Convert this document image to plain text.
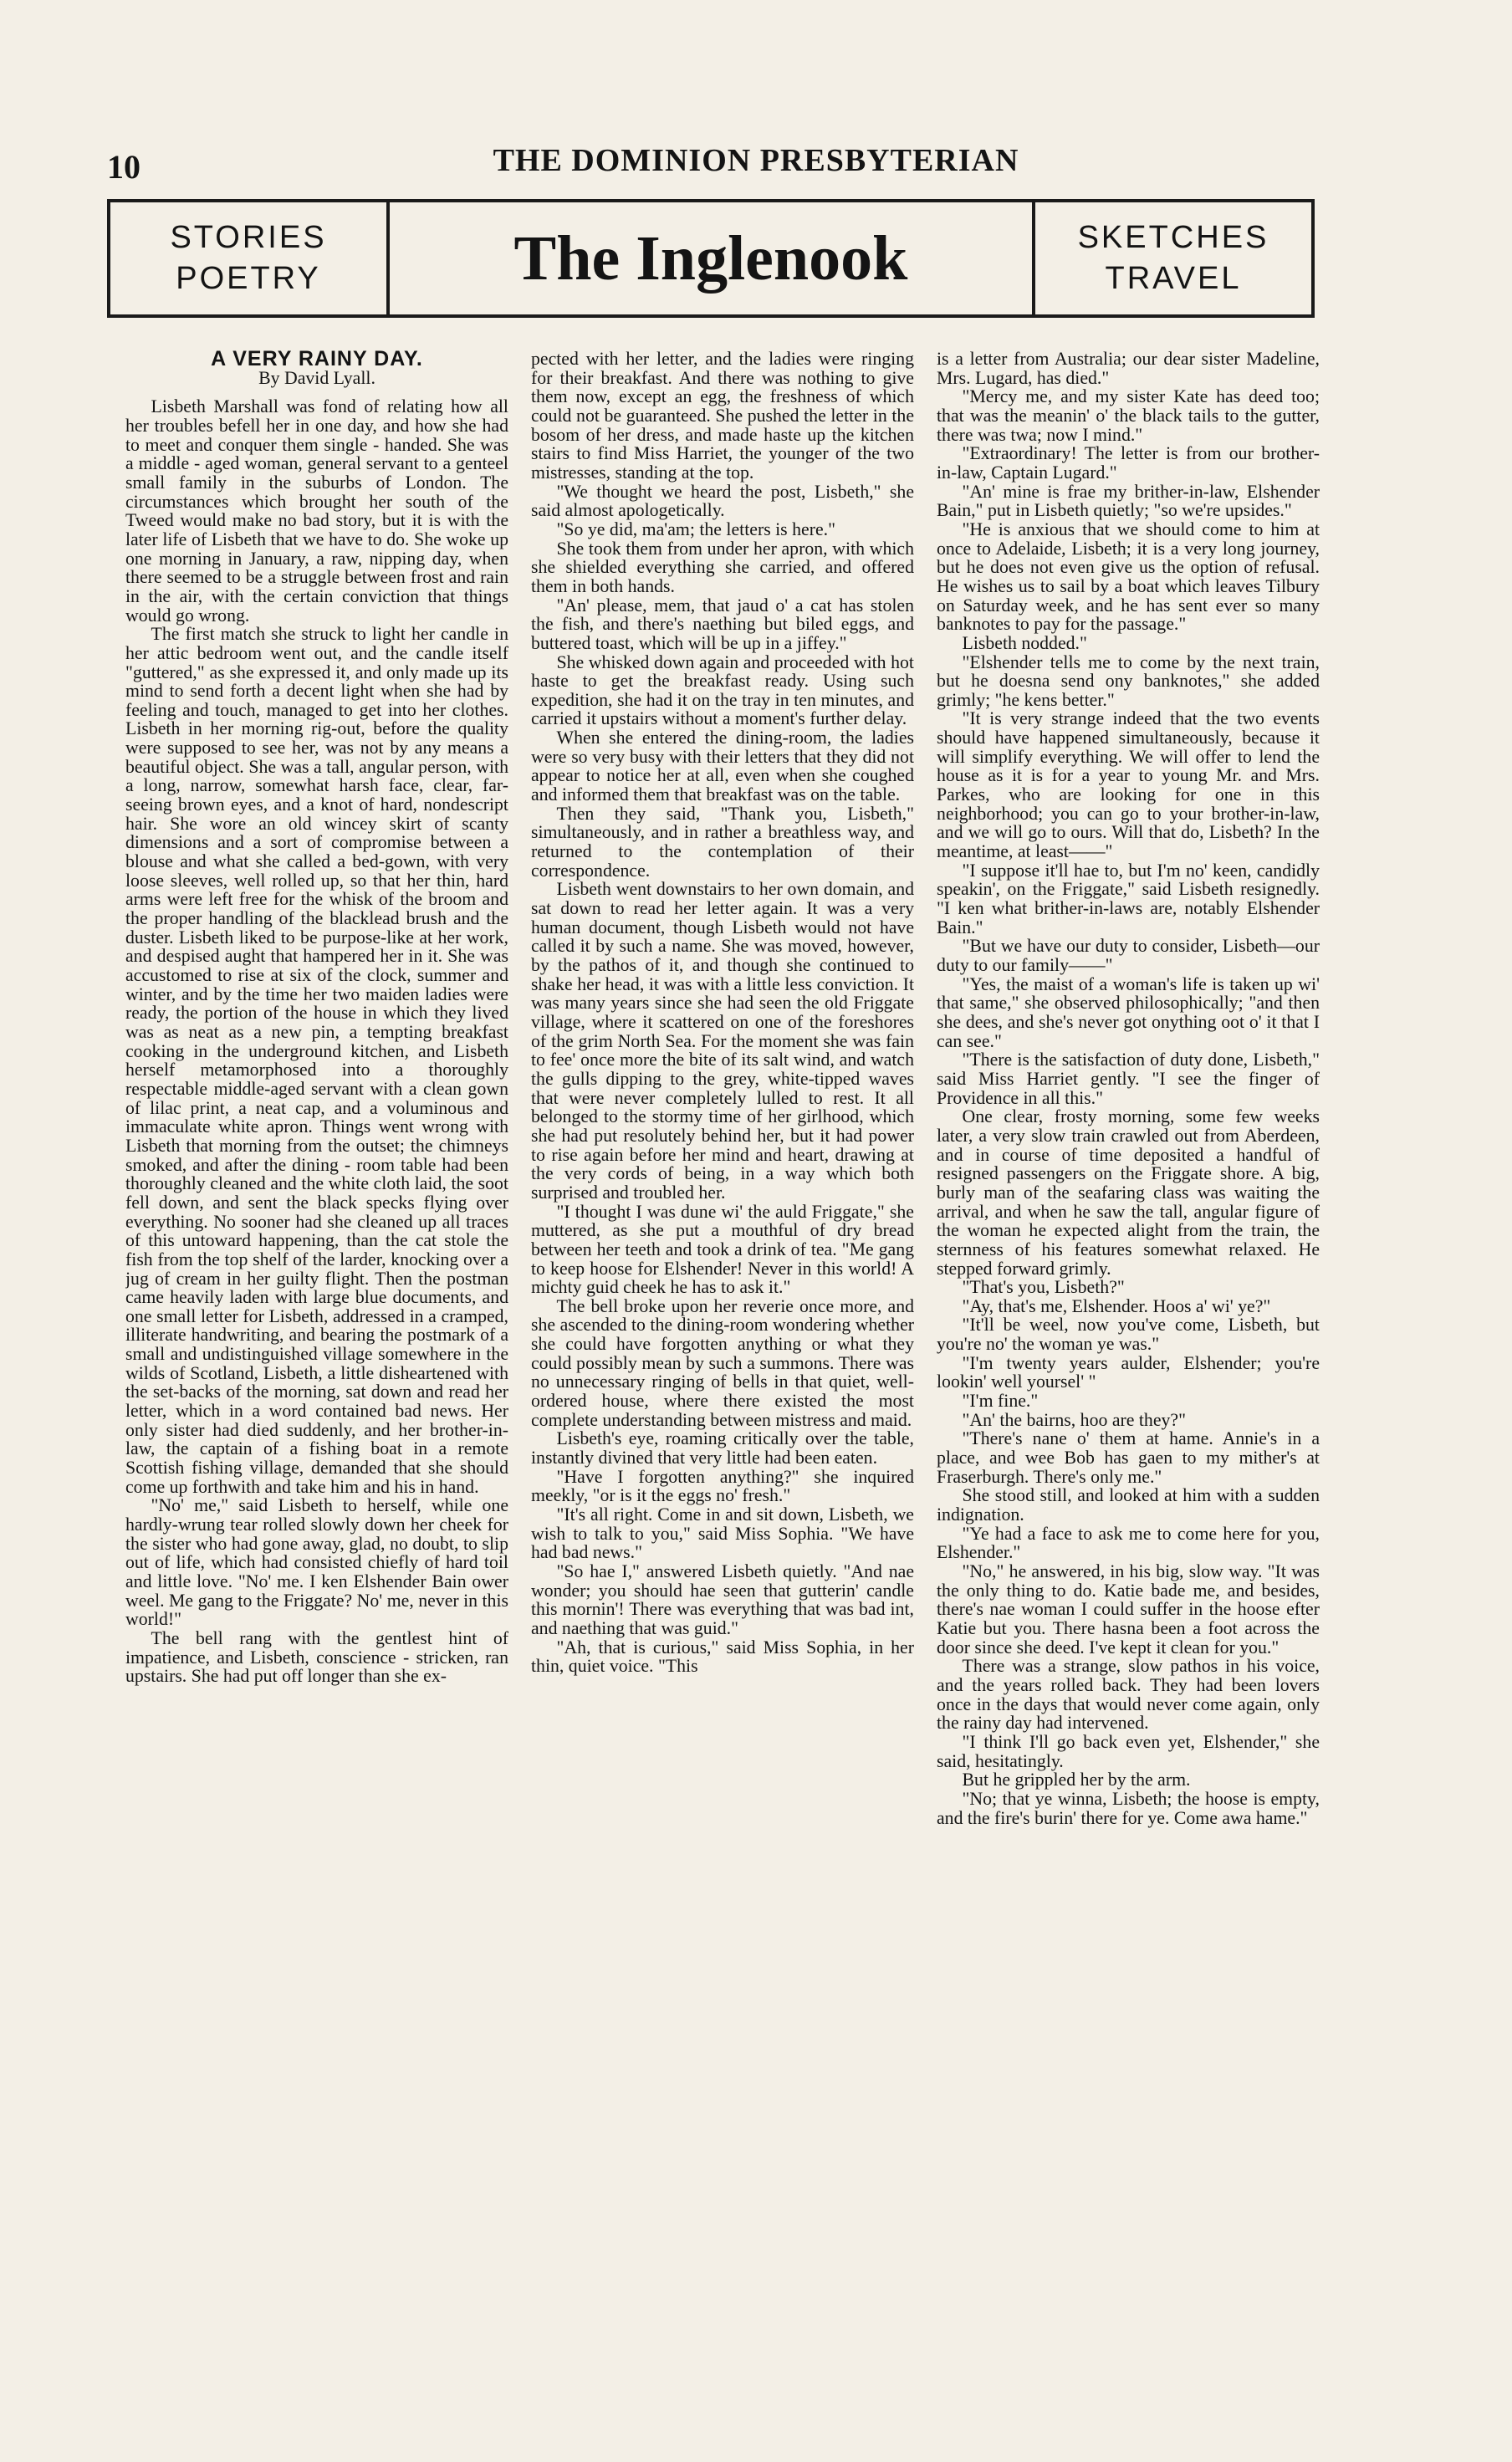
10	THE DOMINION PRESBYTERIAN
STORIES
POETRY	The Inglenook	SKETCHES
TRAVEL

A VERY RAINY DAY.

By David Lyall.

Lisbeth Marshall was fond of relating how all her troubles befell her in one day, and how she had to meet and conquer them single - handed. She was a middle - aged woman, general servant to a genteel small family in the suburbs of London. The circumstances which brought her south of the Tweed would make no bad story, but it is with the later life of Lisbeth that we have to do. She woke up one morning in January, a raw, nipping day, when there seemed to be a struggle between frost and rain in the air, with the certain conviction that things would go wrong.

The first match she struck to light her candle in her attic bedroom went out, and the candle itself "guttered," as she expressed it, and only made up its mind to send forth a decent light when she had by feeling and touch, managed to get into her clothes. Lisbeth in her morning rig-out, before the quality were supposed to see her, was not by any means a beautiful object. She was a tall, angular person, with a long, narrow, somewhat harsh face, clear, far-seeing brown eyes, and a knot of hard, nondescript hair. She wore an old wincey skirt of scanty dimensions and a sort of compromise between a blouse and what she called a bed-gown, with very loose sleeves, well rolled up, so that her thin, hard arms were left free for the whisk of the broom and the proper handling of the blacklead brush and the duster. Lisbeth liked to be purpose-like at her work, and despised aught that hampered her in it. She was accustomed to rise at six of the clock, summer and winter, and by the time her two maiden ladies were ready, the portion of the house in which they lived was as neat as a new pin, a tempting breakfast cooking in the underground kitchen, and Lisbeth herself metamorphosed into a thoroughly respectable middle-aged servant with a clean gown of lilac print, a neat cap, and a voluminous and immaculate white apron. Things went wrong with Lisbeth that morning from the outset; the chimneys smoked, and after the dining - room table had been thoroughly cleaned and the white cloth laid, the soot fell down, and sent the black specks flying over everything. No sooner had she cleaned up all traces of this untoward happening, than the cat stole the fish from the top shelf of the larder, knocking over a jug of cream in her guilty flight. Then the postman came heavily laden with large blue documents, and one small letter for Lisbeth, addressed in a cramped, illiterate handwriting, and bearing the postmark of a small and undistinguished village somewhere in the wilds of Scotland, Lisbeth, a little disheartened with the set-backs of the morning, sat down and read her letter, which in a word contained bad news. Her only sister had died suddenly, and her brother-in-law, the captain of a fishing boat in a remote Scottish fishing village, demanded that she should come up forthwith and take him and his in hand.

"No' me," said Lisbeth to herself, while one hardly-wrung tear rolled slowly down her cheek for the sister who had gone away, glad, no doubt, to slip out of life, which had consisted chiefly of hard toil and little love. "No' me. I ken Elshender Bain ower weel. Me gang to the Friggate? No' me, never in this world!"

The bell rang with the gentlest hint of impatience, and Lisbeth, conscience - stricken, ran upstairs. She had put off longer than she ex-

pected with her letter, and the ladies were ringing for their breakfast. And there was nothing to give them now, except an egg, the freshness of which could not be guaranteed. She pushed the letter in the bosom of her dress, and made haste up the kitchen stairs to find Miss Harriet, the younger of the two mistresses, standing at the top.

"We thought we heard the post, Lisbeth," she said almost apologetically.

"So ye did, ma'am; the letters is here."

She took them from under her apron, with which she shielded everything she carried, and offered them in both hands.

"An' please, mem, that jaud o' a cat has stolen the fish, and there's naething but biled eggs, and buttered toast, which will be up in a jiffey."

She whisked down again and proceeded with hot haste to get the breakfast ready. Using such expedition, she had it on the tray in ten minutes, and carried it upstairs without a moment's further delay.

When she entered the dining-room, the ladies were so very busy with their letters that they did not appear to notice her at all, even when she coughed and informed them that breakfast was on the table.

Then they said, "Thank you, Lisbeth," simultaneously, and in rather a breathless way, and returned to the contemplation of their correspondence.

Lisbeth went downstairs to her own domain, and sat down to read her letter again. It was a very human document, though Lisbeth would not have called it by such a name. She was moved, however, by the pathos of it, and though she continued to shake her head, it was with a little less conviction. It was many years since she had seen the old Friggate village, where it scattered on one of the foreshores of the grim North Sea. For the moment she was fain to fee' once more the bite of its salt wind, and watch the gulls dipping to the grey, white-tipped waves that were never completely lulled to rest. It all belonged to the stormy time of her girlhood, which she had put resolutely behind her, but it had power to rise again before her mind and heart, drawing at the very cords of being, in a way which both surprised and troubled her.

"I thought I was dune wi' the auld Friggate," she muttered, as she put a mouthful of dry bread between her teeth and took a drink of tea. "Me gang to keep hoose for Elshender! Never in this world! A michty guid cheek he has to ask it."

The bell broke upon her reverie once more, and she ascended to the dining-room wondering whether she could have forgotten anything or what they could possibly mean by such a summons. There was no unnecessary ringing of bells in that quiet, well-ordered house, where there existed the most complete understanding between mistress and maid.

Lisbeth's eye, roaming critically over the table, instantly divined that very little had been eaten.

"Have I forgotten anything?" she inquired meekly, "or is it the eggs no' fresh."

"It's all right. Come in and sit down, Lisbeth, we wish to talk to you," said Miss Sophia. "We have had bad news."

"So hae I," answered Lisbeth quietly. "And nae wonder; you should hae seen that gutterin' candle this mornin'! There was everything that was bad int, and naething that was guid."

"Ah, that is curious," said Miss Sophia, in her thin, quiet voice. "This

is a letter from Australia; our dear sister Madeline, Mrs. Lugard, has died."

"Mercy me, and my sister Kate has deed too; that was the meanin' o' the black tails to the gutter, there was twa; now I mind."

"Extraordinary! The letter is from our brother-in-law, Captain Lugard."

"An' mine is frae my brither-in-law, Elshender Bain," put in Lisbeth quietly; "so we're upsides."

"He is anxious that we should come to him at once to Adelaide, Lisbeth; it is a very long journey, but he does not even give us the option of refusal. He wishes us to sail by a boat which leaves Tilbury on Saturday week, and he has sent ever so many banknotes to pay for the passage."

Lisbeth nodded."

"Elshender tells me to come by the next train, but he doesna send ony banknotes," she added grimly; "he kens better."

"It is very strange indeed that the two events should have happened simultaneously, because it will simplify everything. We will offer to lend the house as it is for a year to young Mr. and Mrs. Parkes, who are looking for one in this neighborhood; you can go to your brother-in-law, and we will go to ours. Will that do, Lisbeth? In the meantime, at least——"

"I suppose it'll hae to, but I'm no' keen, candidly speakin', on the Friggate," said Lisbeth resignedly. "I ken what brither-in-laws are, notably Elshender Bain."

"But we have our duty to consider, Lisbeth—our duty to our family——"

"Yes, the maist of a woman's life is taken up wi' that same," she observed philosophically; "and then she dees, and she's never got onything oot o' it that I can see."

"There is the satisfaction of duty done, Lisbeth," said Miss Harriet gently. "I see the finger of Providence in all this."

One clear, frosty morning, some few weeks later, a very slow train crawled out from Aberdeen, and in course of time deposited a handful of resigned passengers on the Friggate shore. A big, burly man of the seafaring class was waiting the arrival, and when he saw the tall, angular figure of the woman he expected alight from the train, the sternness of his features somewhat relaxed. He stepped forward grimly.

"That's you, Lisbeth?"

"Ay, that's me, Elshender. Hoos a' wi' ye?"

"It'll be weel, now you've come, Lisbeth, but you're no' the woman ye was."

"I'm twenty years aulder, Elshender; you're lookin' well yoursel' "

"I'm fine."

"An' the bairns, hoo are they?"

"There's nane o' them at hame. Annie's in a place, and wee Bob has gaen to my mither's at Fraserburgh. There's only me."

She stood still, and looked at him with a sudden indignation.

"Ye had a face to ask me to come here for you, Elshender."

"No," he answered, in his big, slow way. "It was the only thing to do. Katie bade me, and besides, there's nae woman I could suffer in the hoose efter Katie but you. There hasna been a foot across the door since she deed. I've kept it clean for you."

There was a strange, slow pathos in his voice, and the years rolled back. They had been lovers once in the days that would never come again, only the rainy day had intervened.

"I think I'll go back even yet, Elshender," she said, hesitatingly.

But he grippled her by the arm.

"No; that ye winna, Lisbeth; the hoose is empty, and the fire's burin' there for ye. Come awa hame."
